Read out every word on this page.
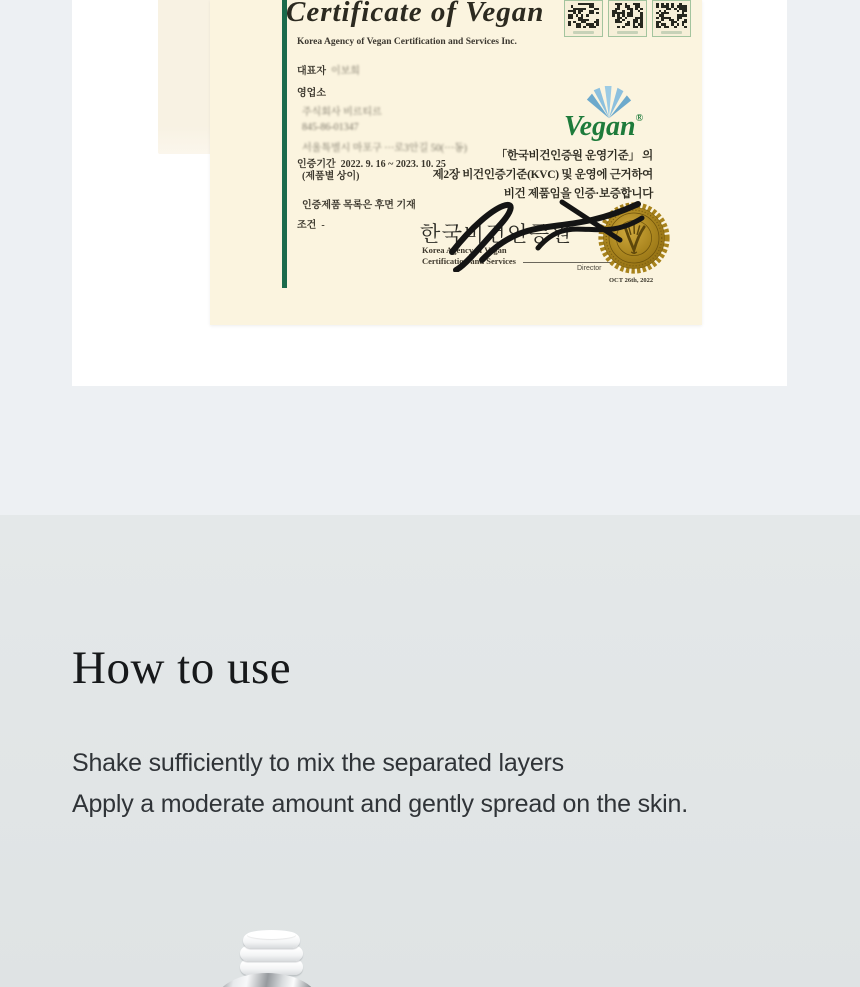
Certificate of Vegan
Korea Agency of Vegan Certification and Services Inc.
대표자 이보희
영업소
주식회사 비르티르
845-86-01347
서울특별시 마포구 ···로3안길 50(···동)
인증기간 2022. 9. 16 ~ 2023. 10. 25
(제품별 상이)
인증제품 목록은 후면 기재
조건 -
Vegan®
「한국비건인증원 운영기준」 의
제2장 비건인증기준(KVC) 및 운영에 근거하여
비건 제품임을 인증·보증합니다
한국비건인증원
Korea Agency of Vegan
Certification and Services
Director
OCT 26th, 2022
How to use
Shake sufficiently to mix the separated layers
Apply a moderate amount and gently spread on the skin.
